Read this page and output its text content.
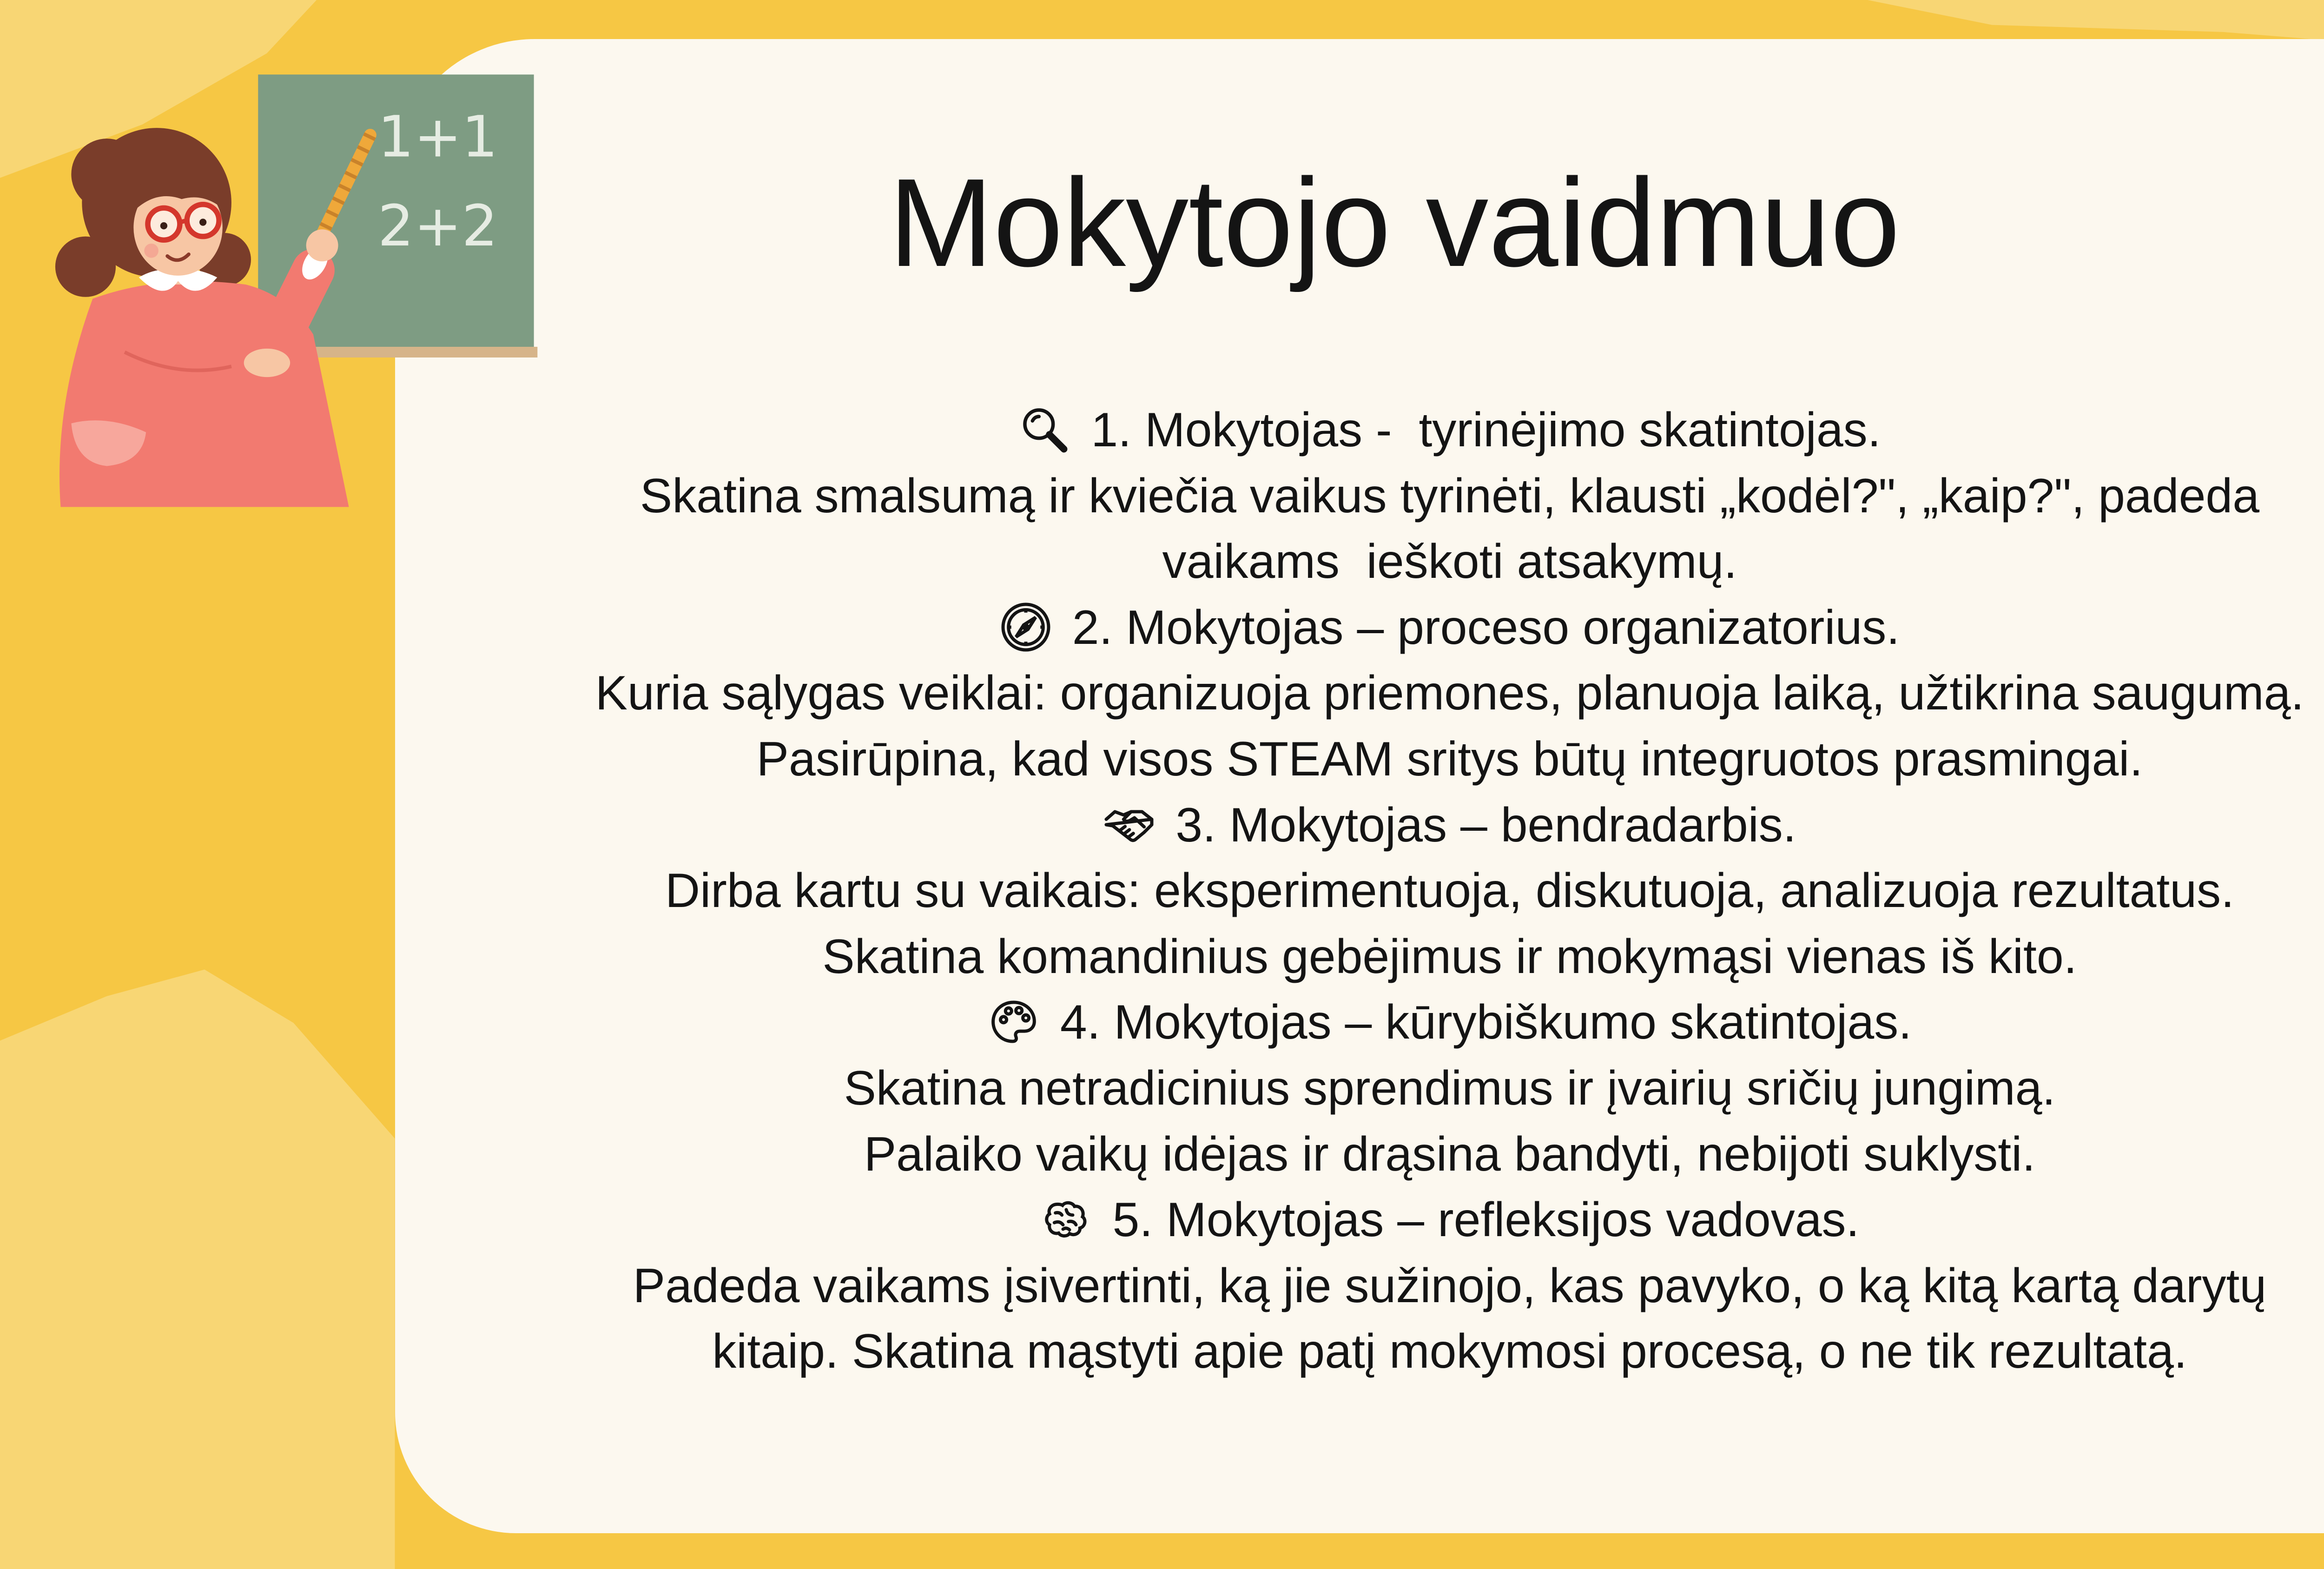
1+1
2+2	Mokytojo vaidmuo
1. Mokytojas -  tyrinėjimo skatintojas.
Skatina smalsumą ir kviečia vaikus tyrinėti, klausti „kodėl?", „kaip?", padeda
vaikams  ieškoti atsakymų.
2. Mokytojas – proceso organizatorius.
Kuria sąlygas veiklai: organizuoja priemones, planuoja laiką, užtikrina saugumą.
Pasirūpina, kad visos STEAM sritys būtų integruotos prasmingai.
3. Mokytojas – bendradarbis.
Dirba kartu su vaikais: eksperimentuoja, diskutuoja, analizuoja rezultatus.
Skatina komandinius gebėjimus ir mokymąsi vienas iš kito.
4. Mokytojas – kūrybiškumo skatintojas.
Skatina netradicinius sprendimus ir įvairių sričių jungimą.
Palaiko vaikų idėjas ir drąsina bandyti, nebijoti suklysti.
5. Mokytojas – refleksijos vadovas.
Padeda vaikams įsivertinti, ką jie sužinojo, kas pavyko, o ką kitą kartą darytų
kitaip. Skatina mąstyti apie patį mokymosi procesą, o ne tik rezultatą.
